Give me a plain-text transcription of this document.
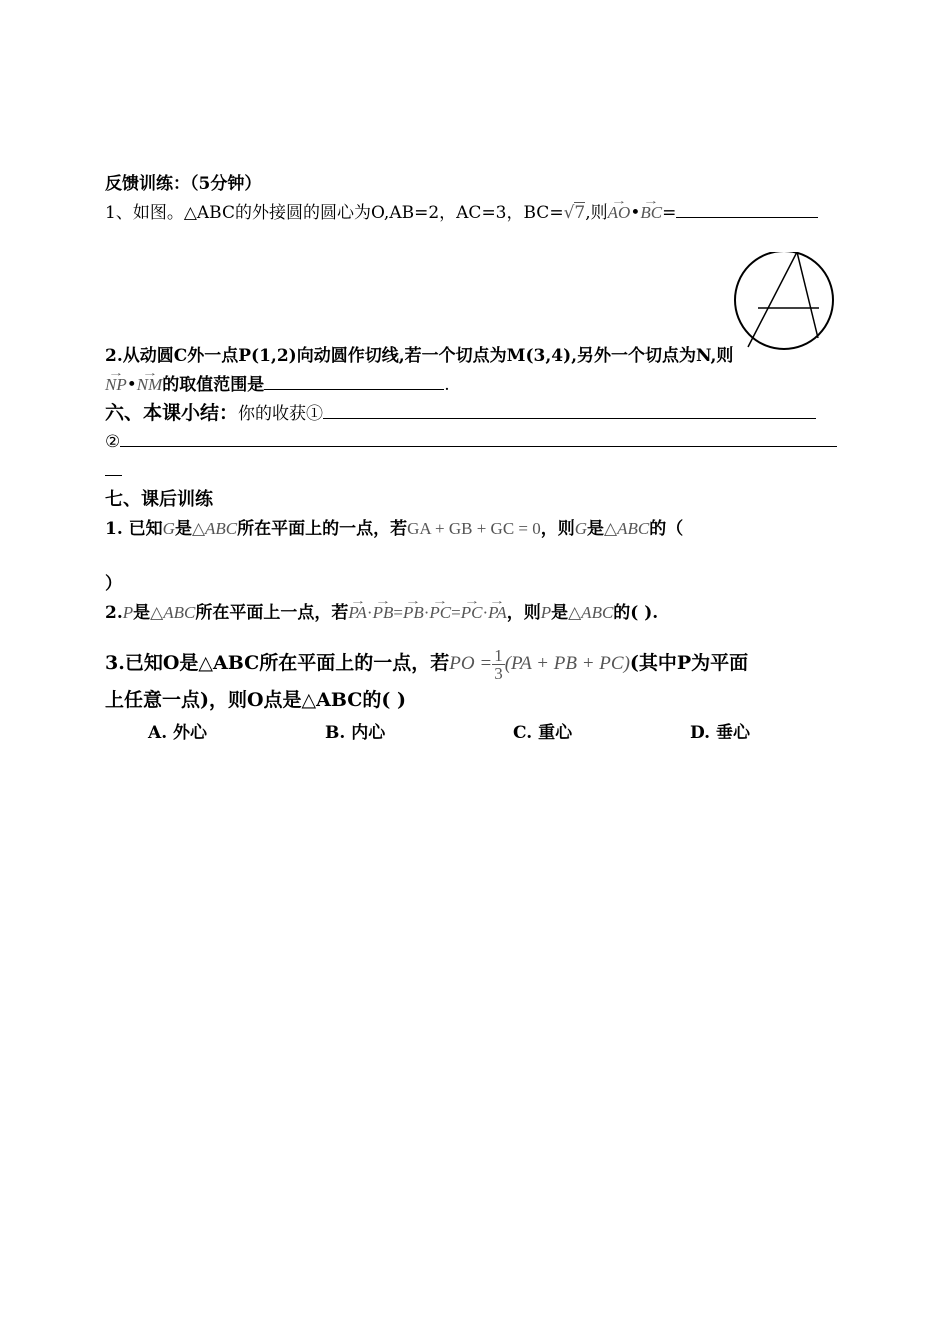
反馈训练：（5分钟）
1、如图。△ABC的外接圆的圆心为O,AB=2，AC=3，BC=√7,则→ AO•→ BC=
2.从动圆C外一点P(1,2)向动圆作切线,若一个切点为M(3,4),另外一个切点为N,则
→ NP•→ NM的取值范围是	.
六、本课小结：你的收获①
②
七、课后训练
1. 已知G是△ABC所在平面上的一点，若GA + GB + GC = 0，则G是△ABC的（
）
2.P是△ABC所在平面上一点，若→ PA·→ PB=→ PB·→ PC=→ PC·→ PA，则P是△ABC的( ).
3.已知O是△ABC所在平面上的一点，若PO = $\frac{1}{3} (PA$ + PB + PC)(其中P为平面
上任意一点)，则O点是△ABC的( )
A. 外心	B. 内心	C. 重心	D. 垂心
